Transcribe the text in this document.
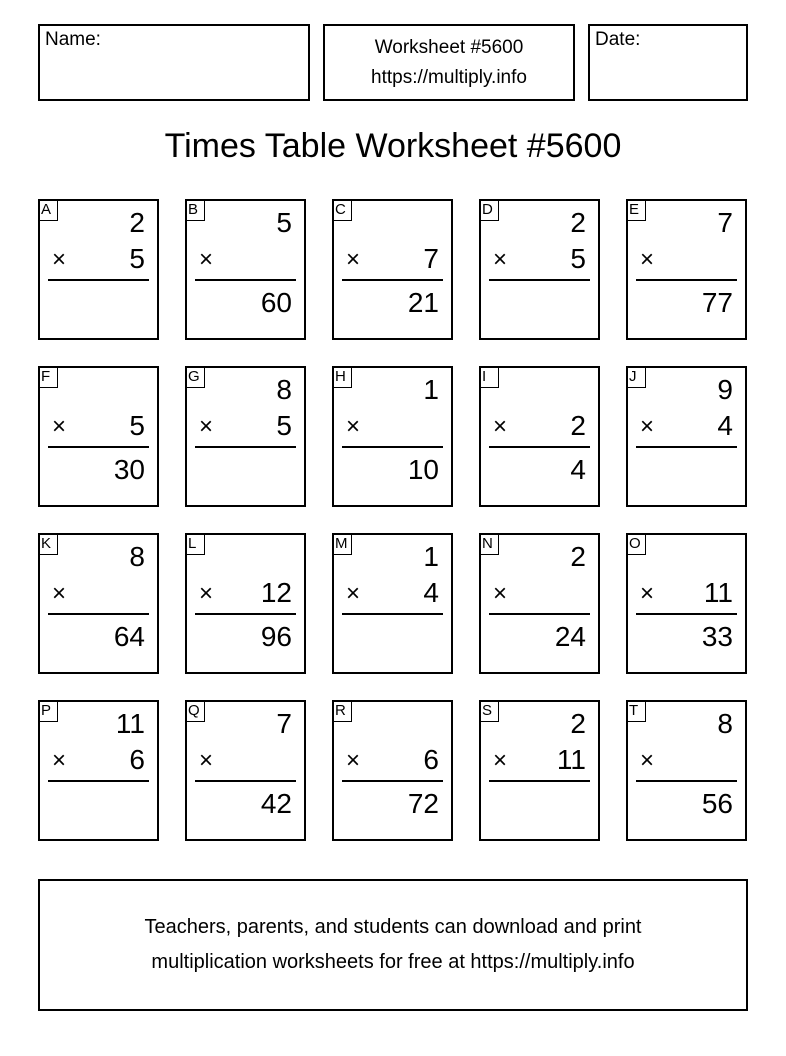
Name:	Worksheet #5600
https://multiply.info
Date:
Times Table Worksheet #5600
A	2
× 5
B	5
×
60
C
× 7
21
D	2
× 5
E	7
×
77
F
× 5
30
G	8
× 5
H	1
×
10
I
× 2
4
J	9
× 4
K	8
×
64
L
× 12
96
M	1
× 4
N	2
×
24
O
× 11
33
P 11
× 6
Q	7
×
42
R
× 6
72
S	2
× 11
T	8
×
56
Teachers, parents, and students can download and print
multiplication worksheets for free at https://multiply.info
